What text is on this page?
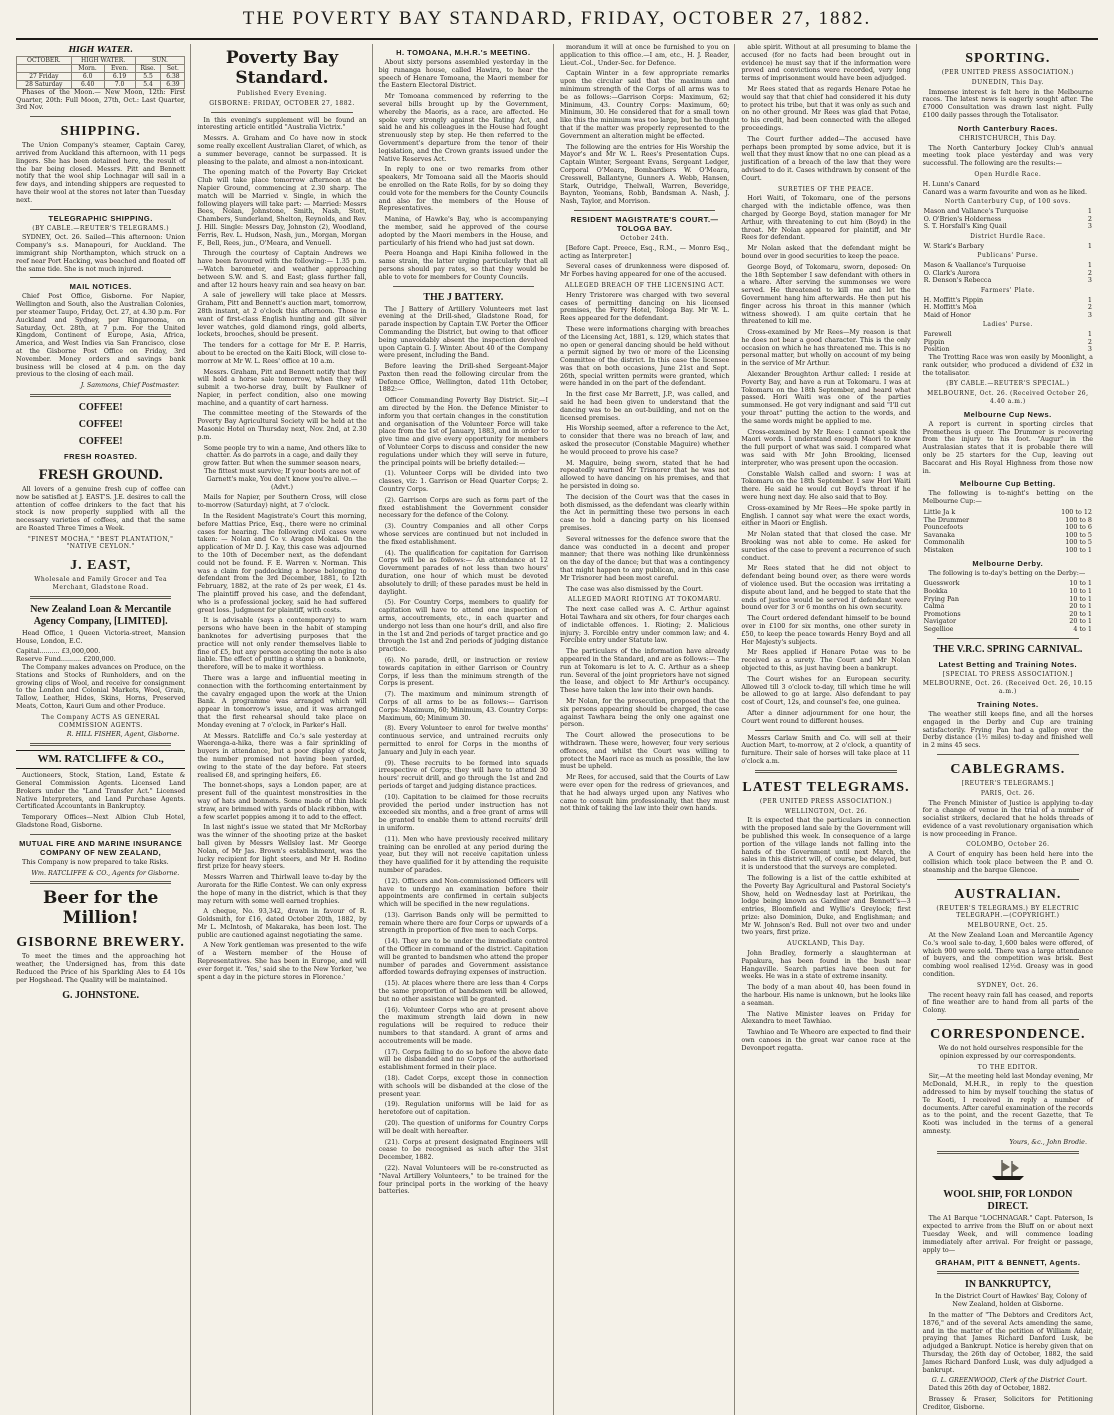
THE POVERTY BAY STANDARD, FRIDAY, OCTOBER 27, 1882.
HIGH WATER.
OCTOBER.	HIGH WATER.		SUN.	
	Morn.	Even.	Rise.	Set.
27 Friday	6.0	6.19	5.5	6.38
28 Saturday	6.40	7.0	5.4	6.39

Phases of the Moon.— New Moon, 12th: First Quarter, 20th: Full Moon, 27th, Oct.: Last Quarter, 3rd Nov.

SHIPPING.

The Union Company's steamer, Captain Carey, arrived from Auckland this afternoon, with 11 pegs lingers. She has been detained here, the result of the bar being closed. Messrs. Pitt and Bennett notify that the wool ship Lochnagar will sail in a few days, and intending shippers are requested to have their wool at the stores not later than Tuesday next.

TELEGRAPHIC SHIPPING.
(BY CABLE.—REUTER'S TELEGRAMS.)

SYDNEY, Oct. 26. Sailed—This afternoon: Union Company's s.s. Manapouri, for Auckland. The immigrant ship Northampton, which struck on a reef near Port Hacking, was beached and floated off the same tide. She is not much injured.

MAIL NOTICES.

Chief Post Office, Gisborne. For Napier, Wellington and South, also the Australian Colonies, per steamer Taupo, Friday, Oct. 27, at 4.30 p.m. For Auckland and Sydney, per Ringarooma, on Saturday, Oct. 28th, at 7 p.m. For the United Kingdom, Continent of Europe, Asia, Africa, America, and West Indies via San Francisco, close at the Gisborne Post Office on Friday, 3rd November. Money orders and savings bank business will be closed at 4 p.m. on the day previous to the closing of each mail.

J. Sammons, Chief Postmaster.
COFFEE!
COFFEE!
COFFEE!
FRESH ROASTED.
FRESH GROUND.

All lovers of a genuine fresh cup of coffee can now be satisfied at J. EAST'S. J.E. desires to call the attention of coffee drinkers to the fact that his stock is now properly supplied with all the necessary varieties of coffees, and that the same are Roasted Three Times a Week.

"FINEST MOCHA," "BEST PLANTATION," "NATIVE CEYLON."
J. EAST,
Wholesale and Family Grocer and Tea Merchant, Gladstone Road.
New Zealand Loan & Mercantile Agency Company, [LIMITED].

Head Office, 1 Queen Victoria-street, Mansion House, London, E.C.

Capital.......... £3,000,000.
Reserve Fund.......... £200,000.

The Company makes advances on Produce, on the Stations and Stocks of Runholders, and on the growing clips of Wool, and receive for consignment to the London and Colonial Markets, Wool, Grain, Tallow, Leather, Hides, Skins, Horns, Preserved Meats, Cotton, Kauri Gum and other Produce.

The Company ACTS AS GENERAL COMMISSION AGENTS.
R. HILL FISHER, Agent, Gisborne.
WM. RATCLIFFE & CO.,

Auctioneers, Stock, Station, Land, Estate & General Commission Agents. Licensed Land Brokers under the "Land Transfer Act." Licensed Native Interpreters, and Land Purchase Agents. Certificated Accountants in Bankruptcy.

Temporary Offices—Next Albion Club Hotel, Gladstone Road, Gisborne.

MUTUAL FIRE AND MARINE INSURANCE COMPANY OF NEW ZEALAND,

This Company is now prepared to take Risks.

Wm. RATCLIFFE & CO., Agents for Gisborne.
Beer for the Million!
GISBORNE BREWERY.

To meet the times and the approaching hot weather, the Undersigned has, from this date Reduced the Price of his Sparkling Ales to £4 10s per Hogshead. The Quality will be maintained.

G. JOHNSTONE.
Poverty Bay Standard.
Published Every Evening.
GISBORNE: FRIDAY, OCTOBER 27, 1882.

In this evening's supplement will be found an interesting article entitled "Australia Victrix."

Messrs. A. Graham and Co have now in stock some really excellent Australian Claret, of which, as a summer beverage, cannot be surpassed. It is pleasing to the palate, and almost a non-intoxicant.

The opening match of the Poverty Bay Cricket Club will take place tomorrow afternoon at the Napier Ground, commencing at 2.30 sharp. The match will be Married v. Single, in which the following players will take part: — Married: Messrs Bees, Nolan, Johnstone, Smith, Nash, Stott, Chambers, Sunderland, Shelton, Reynolds, and Rev. J. Hill. Single: Messrs Day, Johnston (2), Woodland, Ferris, Rev. L. Hudson, Nash, jun., Morgan, Morgan F., Bell, Rees, jun., O'Meara, and Venuell.

Through the courtesy of Captain Andrews we have been favoured with the following:— 1.35 p.m.—Watch barometer, and weather approaching between S.W. and S. and East; glass further fall, and after 12 hours heavy rain and sea heavy on bar.

A sale of jewellery will take place at Messrs. Graham, Pitt and Bennett's auction mart, tomorrow, 28th instant, at 2 o'clock this afternoon. Those in want of first-class English hunting and gilt silver lever watches, gold diamond rings, gold alberts, lockets, brooches, should be present.

The tenders for a cottage for Mr E. P. Harris, about to be erected on the Kaiti Block, will close to-morrow at Mr W. L. Rees' office at 10 a.m.

Messrs. Graham, Pitt and Bennett notify that they will hold a horse sale tomorrow, when they will submit a two-horse dray, built by Faulkner of Napier, in perfect condition, also one mowing machine, and a quantity of cart harness.

The committee meeting of the Stewards of the Poverty Bay Agricultural Society will be held at the Masonic Hotel on Thursday next, Nov. 2nd, at 2.30 p.m.

Some people try to win a name, And others like to chatter. As do parrots in a cage, and daily they grow fatter. But when the summer season nears, The fittest must survive; If your boots are not of Garnett's make, You don't know you're alive.—(Advt.)

Mails for Napier, per Southern Cross, will close to-morrow (Saturday) night, at 7 o'clock.

In the Resident Magistrate's Court this morning, before Mattias Price, Esq., there were no criminal cases for hearing. The following civil cases were taken: — Nolan and Co v. Aragon Mokai. On the application of Mr D. J. Kay, this case was adjourned to the 10th of December next, as the defendant could not be found. F. E. Warren v. Norman. This was a claim for paddocking a horse belonging to defendant from the 3rd December, 1881, to 12th February, 1882, at the rate of 2s per week, £1 4s. The plaintiff proved his case, and the defendant, who is a professional jockey, said he had suffered great loss. Judgment for plaintiff, with costs.

It is advisable (says a contemporary) to warn persons who have been in the habit of stamping banknotes for advertising purposes that the practice will not only render themselves liable to fine of £5, but any person accepting the note is also liable. The effect of putting a stamp on a banknote, therefore, will be to make it worthless.

There was a large and influential meeting in connection with the forthcoming entertainment by the cavalry engaged upon the work at the Union Bank. A programme was arranged which will appear in tomorrow's issue, and it was arranged that the first rehearsal should take place on Monday evening at 7 o'clock, in Parker's Hall.

At Messrs. Ratcliffe and Co.'s sale yesterday at Waerenga-a-hika, there was a fair sprinkling of buyers in attendance, but a poor display of stock, the number promised not having been yarded, owing to the state of the day before. Fat steers realised £8, and springing heifers, £6.

The bonnet-shops, says a London paper, are at present full of the quaintest monstrosities in the way of hats and bonnets. Some made of thin black straw, are brimmed with yards of black ribbon, with a few scarlet poppies among it to add to the effect.

In last night's issue we stated that Mr McRorbay was the winner of the shooting prize at the basket ball given by Messrs Wellsley last. Mr George Nolan, of Mr Jas. Brown's establishment, was the lucky recipient for light steers, and Mr H. Rodino first prize for heavy steers.

Messrs Warren and Thirlwall leave to-day by the Aurorata for the Rifle Contest. We can only express the hope of many in the district, which is that they may return with some well earned trophies.

A cheque, No. 93,342, drawn in favour of R. Goldsmith, for £16, dated October 20th, 1882, by Mr L. McIntosh, of Makaraka, has been lost. The public are cautioned against negotiating the same.

A New York gentleman was presented to the wife of a Western member of the House of Representatives. She has been in Europe, and will ever forget it. 'Yes,' said she to the New Yorker, 'we spent a day in the picture stores in Florence.'

H. TOMOANA, M.H.R.'s MEETING.

About sixty persons assembled yesterday in the big runanga house, called Hawira, to hear the speech of Henare Tomoana, the Maori member for the Eastern Electoral District.

Mr Tomoana commenced by referring to the several bills brought up by the Government, whereby the Maoris, as a race, are affected. He spoke very strongly against the Rating Act, and said he and his colleagues in the House had fought strenuously step by step. He then referred to the Government's departure from the tenor of their legislation, and the Crown grants issued under the Native Reserves Act.

In reply to one or two remarks from other speakers, Mr Tomoana said all the Maoris should be enrolled on the Rate Rolls, for by so doing they could vote for the members for the County Councils and also for the members of the House of Representatives.

Manina, of Hawke's Bay, who is accompanying the member, said he approved of the course adopted by the Maori members in the House, and particularly of his friend who had just sat down.

Peera Hoanga and Hapi Kiniha followed in the same strain, the latter urging particularly that all persons should pay rates, so that they would be able to vote for members for County Councils.

THE J BATTERY.

The J Battery of Artillery Volunteers met last evening at the Drill-shed, Gladstone Road, for parade inspection by Captain T.W. Porter the Officer Commanding the District, but owing to that officer being unavoidably absent the inspection devolved upon Captain G. J. Winter. About 40 of the Company were present, including the Band.

Before leaving the Drill-shed Sergeant-Major Paxton then read the following circular from the Defence Office, Wellington, dated 11th October, 1882:—

Officer Commanding Poverty Bay District. Sir,—I am directed by the Hon. the Defence Minister to inform you that certain changes in the constitution and organisation of the Volunteer Force will take place from the 1st of January, 1883, and in order to give time and give every opportunity for members of Volunteer Corps to discuss and consider the new regulations under which they will serve in future, the principal points will be briefly detailed:—

(1). Volunteer Corps will be divided into two classes, viz: 1. Garrison or Head Quarter Corps; 2. Country Corps.

(2). Garrison Corps are such as form part of the fixed establishment the Government consider necessary for the defence of the Colony.

(3). Country Companies and all other Corps whose services are continued but not included in the fixed establishment.

(4). The qualification for capitation for Garrison Corps will be as follows:— An attendance at 12 Government parades of not less than two hours' duration, one hour of which must be devoted absolutely to drill; of these parades must be held in daylight.

(5). For Country Corps, members to qualify for capitation will have to attend one inspection of arms, accoutrements, etc., in each quarter and undergo not less than one hour's drill, and also fire in the 1st and 2nd periods of target practice and go through the 1st and 2nd periods of judging distance practice.

(6). No parade, drill, or instruction or review towards capitation in either Garrison or Country Corps, if less than the minimum strength of the Corps is present.

(7). The maximum and minimum strength of Corps of all arms to be as follows:— Garrison Corps: Maximum, 60; Minimum, 43. Country Corps: Maximum, 60; Minimum 30.

(8). Every Volunteer to enrol for twelve months' continuous service, and untrained recruits only permitted to enrol for Corps in the months of January and July in each year.

(9). These recruits to be formed into squads irrespective of Corps; they will have to attend 30 hours' recruit drill, and go through the 1st and 2nd periods of target and judging distance practices.

(10). Capitation to be claimed for those recruits provided the period under instruction has not exceeded six months, and a free grant of arms will be granted to enable them to attend recruits' drill in uniform.

(11). Men who have previously received military training can be enrolled at any period during the year, but they will not receive capitation unless they have qualified for it by attending the requisite number of parades.

(12). Officers and Non-commissioned Officers will have to undergo an examination before their appointments are confirmed in certain subjects which will be specified in the new regulations.

(13). Garrison Bands only will be permitted to remain where there are four Corps or upwards of a strength in proportion of five men to each Corps.

(14). They are to be under the immediate control of the Officer in command of the district. Capitation will be granted to bandsmen who attend the proper number of parades and Government assistance afforded towards defraying expenses of instruction.

(15). At places where there are less than 4 Corps the same proportion of bandsmen will be allowed, but no other assistance will be granted.

(16). Volunteer Corps who are at present above the maximum strength laid down in new regulations will be required to reduce their numbers to that standard. A grant of arms and accoutrements will be made.

(17). Corps failing to do so before the above date will be disbanded and no Corps of the authorised establishment formed in their place.

(18). Cadet Corps, except those in connection with schools will be disbanded at the close of the present year.

(19). Regulation uniforms will be laid for as heretofore out of capitation.

(20). The question of uniforms for Country Corps will be dealt with hereafter.

(21). Corps at present designated Engineers will cease to be recognised as such after the 31st December, 1882.

(22). Naval Volunteers will be re-constructed as "Naval Artillery Volunteers," to be trained for the four principal ports in the working of the heavy batteries.

morandum it will at once be furnished to you on application to this office.—I am, etc., H. J. Reader, Lieut.-Col., Under-Sec. for Defence.

Captain Winter in a few appropriate remarks upon the circular said that the maximum and minimum strength of the Corps of all arms was to be as follows:—Garrison Corps: Maximum, 62; Minimum, 43. Country Corps: Maximum, 60; Minimum, 30. He considered that for a small town like this the minimum was too large, but he thought that if the matter was properly represented to the Government an alteration might be effected.

The following are the entries for His Worship the Mayor's and Mr W. L. Rees's Presentation Cups. Captain Winter, Sergeant Evans, Sergeant Ledger, Corporal O'Meara, Bombardiers W. O'Meara, Cresswell, Ballantyne, Gunners A. Webb, Hansen, Stark, Outridge, Thelwall, Warren, Beveridge, Baynton, Yeomans, Robb, Bandsman A. Nash, J. Nash, Taylor, and Morrison.

RESIDENT MAGISTRATE'S COURT.—TOLOGA BAY.
October 24th.

[Before Capt. Preece, Esq., R.M., — Monro Esq., acting as Interpreter.]

Several cases of drunkenness were disposed of. Mr Forbes having appeared for one of the accused.

ALLEGED BREACH OF THE LICENSING ACT.

Henry Tristorere was charged with two several cases of permitting dancing on his licensed premises, the Ferry Hotel, Tologa Bay. Mr W. L. Rees appeared for the defendant.

These were informations charging with breaches of the Licensing Act, 1881, s. 129, which states that no open or general dancing should be held without a permit signed by two or more of the Licensing Committee of the district. In this case the licensee was that on both occasions, June 21st and Sept. 26th, special written permits were granted, which were handed in on the part of the defendant.

In the first case Mr Barrett, J.P., was called, and said he had been given to understand that the dancing was to be an out-building, and not on the licensed premises.

His Worship seemed, after a reference to the Act, to consider that there was no breach of law, and asked the prosecutor (Constable Maguire) whether he would proceed to prove his case?

M. Maguire, being sworn, stated that he had repeatedly warned Mr Trisnorer that he was not allowed to have dancing on his premises, and that he persisted in doing so.

The decision of the Court was that the cases in both dismissed, as the defendant was clearly within the Act in permitting these two persons in each case to hold a dancing party on his licensed premises.

Several witnesses for the defence swore that the dance was conducted in a decent and proper manner; that there was nothing like drunkenness on the day of the dance; but that was a contingency that might happen to any publican, and in this case Mr Trisnorer had been most careful.

The case was also dismissed by the Court.

ALLEGED MAORI RIOTING AT TOKOMARU.

The next case called was A. C. Arthur against Hotai Tawhara and six others, for four charges each of indictable offences. 1. Rioting; 2. Malicious injury; 3. Forcible entry under common law; and 4. Forcible entry under Statute law.

The particulars of the information have already appeared in the Standard, and are as follows:— The run at Tokomaru is let to A. C. Arthur as a sheep run. Several of the joint proprietors have not signed the lease, and object to Mr Arthur's occupancy. These have taken the law into their own hands.

Mr Nolan, for the prosecution, proposed that the six persons appearing should be charged, the case against Tawhara being the only one against one person.

The Court allowed the prosecutions to be withdrawn. These were, however, four very serious offences, and whilst the Court was willing to protect the Maori race as much as possible, the law must be upheld.

Mr Rees, for accused, said that the Courts of Law were ever open for the redress of grievances, and that he had always urged upon any Natives who came to consult him professionally, that they must not think of taking the law into their own hands.

able spirit. Without at all presuming to blame the accused (for no facts had been brought out in evidence) he must say that if the information were proved and convictions were recorded, very long terms of imprisonment would have been adjudged.

Mr Rees stated that as regards Henare Potae he would say that that chief had considered it his duty to protect his tribe, but that it was only as such and on no other ground. Mr Rees was glad that Potae, to his credit, had been connected with the alleged proceedings.

The Court further added—The accused have perhaps been prompted by some advice, but it is well that they must know that no one can plead as a justification of a breach of the law that they were advised to do it. Cases withdrawn by consent of the Court.

SURETIES OF THE PEACE.

Hori Waiti, of Tokomaru, one of the persons charged with the indictable offence, was then charged by George Boyd, station manager for Mr Arthur, with threatening to cut him (Boyd) in the throat. Mr Nolan appeared for plaintiff, and Mr Rees for defendant.

Mr Nolan asked that the defendant might be bound over in good securities to keep the peace.

George Boyd, of Tokomaru, sworn, deposed: On the 18th September I saw defendant with others in a whare. After serving the summonses we were served. He threatened to kill me and let the Government hang him afterwards. He then put his finger across his throat in this manner (which witness showed). I am quite certain that he threatened to kill me.

Cross-examined by Mr Rees—My reason is that he does not bear a good character. This is the only occasion on which he has threatened me. This is no personal matter, but wholly on account of my being in the service of Mr Arthur.

Alexander Broughton Arthur called: I reside at Poverty Bay, and have a run at Tokomaru. I was at Tokomaru on the 18th September, and heard what passed. Hori Waiti was one of the parties summonsed. He got very indignant and said "I'll cut your throat" putting the action to the words, and the same words might be applied to me.

Cross-examined by Mr Rees: I cannot speak the Maori words. I understand enough Maori to know the full purport of what was said. I compared what was said with Mr John Brooking, licensed interpreter, who was present upon the occasion.

Constable Walsh called and sworn: I was at Tokomaru on the 18th September. I saw Hori Waiti there. He said he would cut Boyd's throat if he were hung next day. He also said that to Boy.

Cross-examined by Mr Rees—He spoke partly in English. I cannot say what were the exact words, either in Maori or English.

Mr Nolan stated that that closed the case. Mr Brooking was not able to come. He asked for sureties of the case to prevent a recurrence of such conduct.

Mr Rees stated that he did not object to defendant being bound over, as there were words of violence used. But the occasion was irritating a dispute about land, and he begged to state that the ends of justice would be served if defendant were bound over for 3 or 6 months on his own security.

The Court ordered defendant himself to be bound over in £100 for six months, one other surety in £50, to keep the peace towards Henry Boyd and all Her Majesty's subjects.

Mr Rees applied if Henare Potae was to be received as a surety. The Court and Mr Nolan objected to this, as just having been a bankrupt.

The Court wishes for an European security. Allowed till 3 o'clock to-day, till which time he will be allowed to go at large. Also defendant to pay cost of Court, 12s, and counsel's fee, one guinea.

After a dinner adjournment for one hour, the Court went round to different houses.

Messrs Carlaw Smith and Co. will sell at their Auction Mart, to-morrow, at 2 o'clock, a quantity of furniture. Their sale of horses will take place at 11 o'clock a.m.

LATEST TELEGRAMS.
(PER UNITED PRESS ASSOCIATION.)
WELLINGTON, Oct. 26.

It is expected that the particulars in connection with the proposed land sale by the Government will be published this week. In consequence of a large portion of the village lands not falling into the hands of the Government until next March, the sales in this district will, of course, be delayed, but it is understood that the surveys are completed.

The following is a list of the cattle exhibited at the Poverty Bay Agricultural and Pastoral Society's Show, held on Wednesday last at Poririkau, the lodge being known as Gardiner and Bennett's—3 entries, Bloomfield and Wyllie's Greylock; first prize: also Dominion, Duke, and Englishman; and Mr W. Johnson's Red. Bull not over two and under two years, first prize.

AUCKLAND, This Day.

John Bradley, formerly a slaughterman at Papakura, has been found in the bush near Hangaville. Search parties have been out for weeks. He was in a state of extreme insanity.

The body of a man about 40, has been found in the harbour. His name is unknown, but he looks like a seaman.

The Native Minister leaves on Friday for Alexandra to meet Tawhiao.

Tawhiao and Te Wheoro are expected to find their own canoes in the great war canoe race at the Devonport regatta.

SPORTING.
(PER UNITED PRESS ASSOCIATION.)
DUNEDIN, This Day.

Immense interest is felt here in the Melbourne races. The latest news is eagerly sought after. The £7000 Consultation was drawn last night. Fully £100 daily passes through the Totalisator.

North Canterbury Races.
CHRISTCHURCH, This Day.

The North Canterbury Jockey Club's annual meeting took place yesterday and was very successful. The following are the results:—

Open Hurdle Race.
H. Lunn's Canard
Canard was a warm favourite and won as he liked.
North Canterbury Cup, of 100 sovs.
Mason and Vallance's Turquoise	1
O. O'Brien's Holderness	2
S. T. Horsfall's King Quail	3
District Hurdle Race.
W. Stark's Barbary	1
Publicans' Purse.
Mason & Vaallance's Turquoise	1
O. Clark's Aurora	2
R. Denson's Rebecca	3
Farmers' Plate.
H. Moffitt's Pippin	1
H. Moffitt's Moa	2
Maid of Honor	3
Ladies' Purse.
Farewell	1
Pippin	2
Position	3

The Trotting Race was won easily by Moonlight, a rank outsider, who produced a dividend of £32 in the totalisator.

(BY CABLE.—REUTER'S SPECIAL.)
MELBOURNE, Oct. 26. (Received October 26, 4.40 a.m.)
Melbourne Cup News.

A report is current in sporting circles that Prometheus is queer. The Drummer is recovering from the injury to his foot. "Augur" in the Australasian states that it is probable there will only be 25 starters for the Cup, leaving out Baccarat and His Royal Highness from those now in.

Melbourne Cup Betting.

The following is to-night's betting on the Melbourne Cup:—

Little Ja k	100 to 12
The Drummer	100 to 8
Pouncefoots	100 to 6
Savanaka	100 to 5
Commonalih	100 to 5
Mistaken	100 to 1
Melbourne Derby.

The following is to-day's betting on the Derby:—

Guesswork	10 to 1
Bookka	10 to 1
Frying Pan	10 to 1
Calma	20 to 1
Promotions	20 to 1
Navigator	20 to 1
Segellioe	4 to 1
THE V.R.C. SPRING CARNIVAL.
Latest Betting and Training Notes.
[SPECIAL TO PRESS ASSOCIATION.]
MELBOURNE, Oct. 26. (Received Oct. 26, 10.15 a.m.)
Training Notes.

The weather still keeps fine, and all the horses engaged in the Derby and Cup are training satisfactorily. Frying Pan had a gallop over the Derby distance (1½ miles) to-day and finished well in 2 mins 45 secs.

CABLEGRAMS.
[REUTER'S TELEGRAMS.]
PARIS, Oct. 26.

The French Minister of Justice is applying to-day for a change of venue in the trial of a number of socialist strikers, declared that he holds threads of evidence of a vast revolutionary organisation which is now proceeding in France.

COLOMBO, October 26.

A Court of enquiry has been held here into the collision which took place between the P. and O. steamship and the barque Glencoe.

AUSTRALIAN.
(REUTER'S TELEGRAMS.) BY ELECTRIC TELEGRAPH.—(COPYRIGHT.)
MELBOURNE, Oct. 25.

At the New Zealand Loan and Mercantile Agency Co.'s wool sale to-day, 1,600 bales were offered, of which 900 were sold. There was a large attendance of buyers, and the competition was brisk. Best combing wool realised 12½d. Greasy was in good condition.

SYDNEY, Oct. 26.

The recent heavy rain fall has ceased, and reports of fine weather are to hand from all parts of the Colony.

CORRESPONDENCE.

We do not hold ourselves responsible for the opinion expressed by our correspondents.

TO THE EDITOR.

Sir,—At the meeting held last Monday evening, Mr McDonald, M.H.R., in reply to the question addressed to him by myself touching the status of Te Kooti, I received in reply a number of documents. After careful examination of the records as to the point, and the recent Gazette, that Te Kooti was included in the terms of a general amnesty.

Yours, &c., John Brodie.
WOOL SHIP, FOR LONDON DIRECT.

The A1 Barque "LOCHNAGAR." Capt. Paterson, Is expected to arrive from the Bluff on or about next Tuesday Week, and will commence loading immediately after arrival. For freight or passage, apply to—

GRAHAM, PITT & BENNETT, Agents.
IN BANKRUPTCY,

In the District Court of Hawkes' Bay, Colony of New Zealand, holden at Gisborne.

In the matter of "The Debtors and Creditors Act, 1876," and of the several Acts amending the same, and in the matter of the petition of William Adair, praying that James Richard Danford Lusk, be adjudged a Bankrupt. Notice is hereby given that on Thursday, the 26th day of October, 1882, the said James Richard Danford Lusk, was duly adjudged a bankrupt.

G. L. GREENWOOD, Clerk of the District Court.

Dated this 26th day of October, 1882.

Brassey & Fraser, Solicitors for Petitioning Creditor, Gisborne.
